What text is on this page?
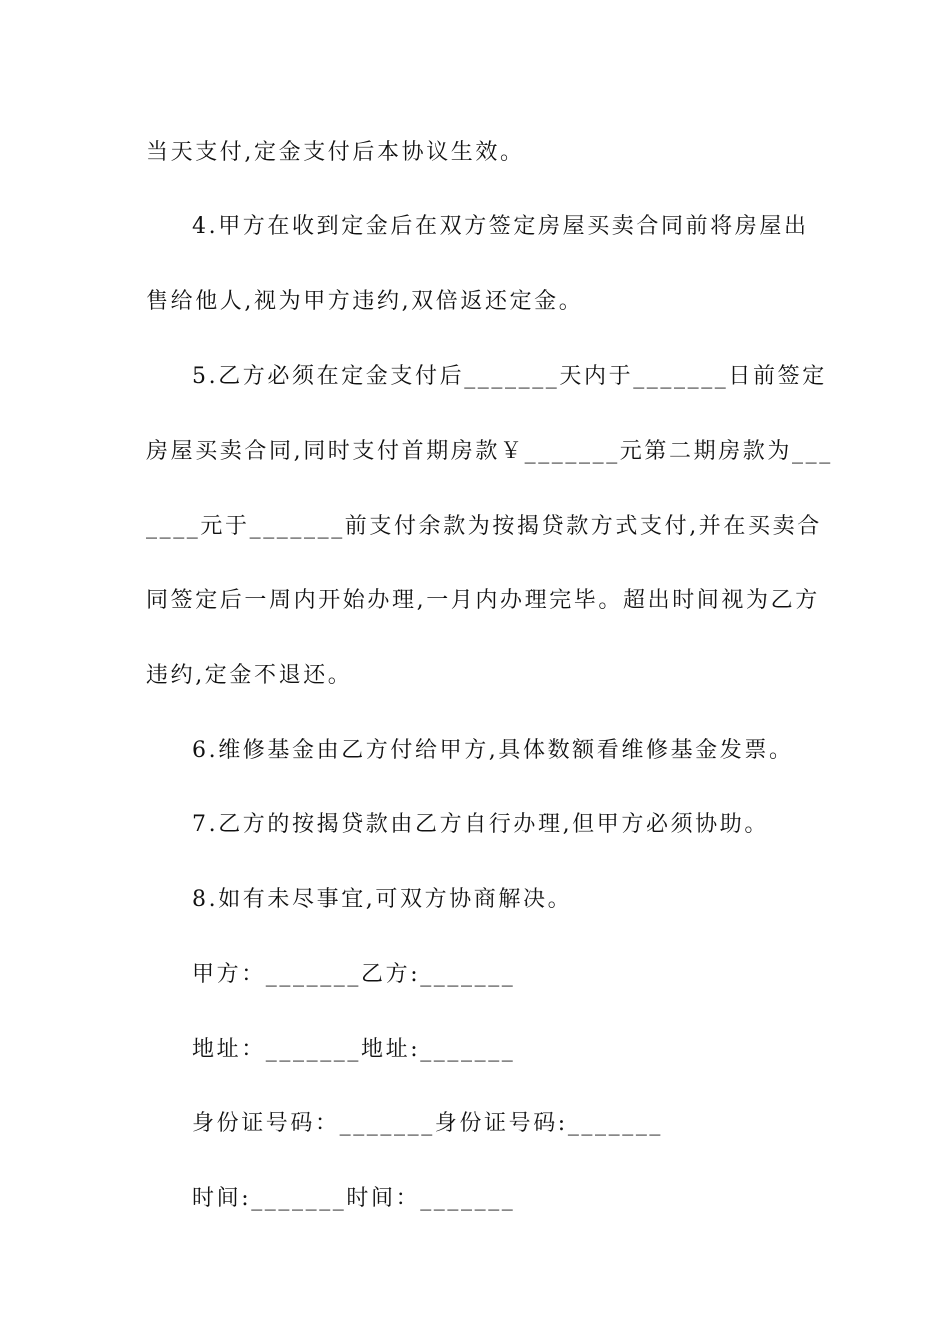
当天支付,定金支付后本协议生效。
4.甲方在收到定金后在双方签定房屋买卖合同前将房屋出
售给他人,视为甲方违约,双倍返还定金。
5.乙方必须在定金支付后_______天内于_______日前签定
房屋买卖合同,同时支付首期房款￥_______元第二期房款为___
____元于_______前支付余款为按揭贷款方式支付,并在买卖合
同签定后一周内开始办理,一月内办理完毕。超出时间视为乙方
违约,定金不退还。
6.维修基金由乙方付给甲方,具体数额看维修基金发票。
7.乙方的按揭贷款由乙方自行办理,但甲方必须协助。
8.如有未尽事宜,可双方协商解决。
甲方：_______乙方:_______
地址：_______地址:_______
身份证号码：_______身份证号码:_______
时间:_______时间：_______
